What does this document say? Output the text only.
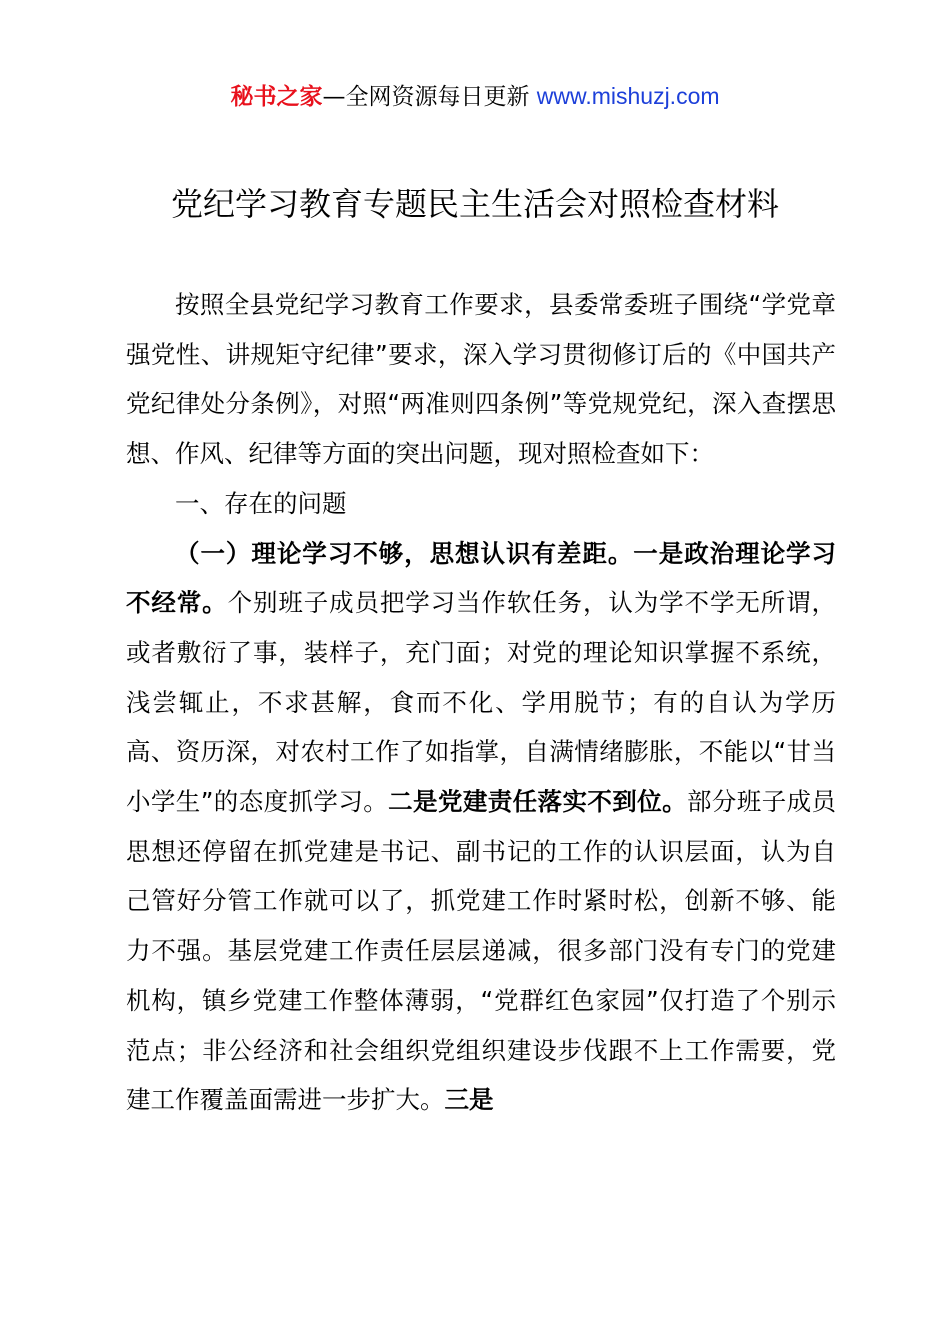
秘书之家—全网资源每日更新 www.mishuzj.com
党纪学习教育专题民主生活会对照检查材料

按照全县党纪学习教育工作要求，县委常委班子围绕“学党章强党性、讲规矩守纪律”要求，深入学习贯彻修订后的《中国共产党纪律处分条例》，对照“两准则四条例”等党规党纪，深入查摆思想、作风、纪律等方面的突出问题，现对照检查如下：

一、存在的问题

（一）理论学习不够，思想认识有差距。一是政治理论学习不经常。个别班子成员把学习当作软任务，认为学不学无所谓，或者敷衍了事，装样子，充门面；对党的理论知识掌握不系统，浅尝辄止，不求甚解，食而不化、学用脱节；有的自认为学历高、资历深，对农村工作了如指掌，自满情绪膨胀，不能以“甘当小学生”的态度抓学习。二是党建责任落实不到位。部分班子成员思想还停留在抓党建是书记、副书记的工作的认识层面，认为自己管好分管工作就可以了，抓党建工作时紧时松，创新不够、能力不强。基层党建工作责任层层递减，很多部门没有专门的党建机构，镇乡党建工作整体薄弱，“党群红色家园”仅打造了个别示范点；非公经济和社会组织党组织建设步伐跟不上工作需要，党建工作覆盖面需进一步扩大。三是
